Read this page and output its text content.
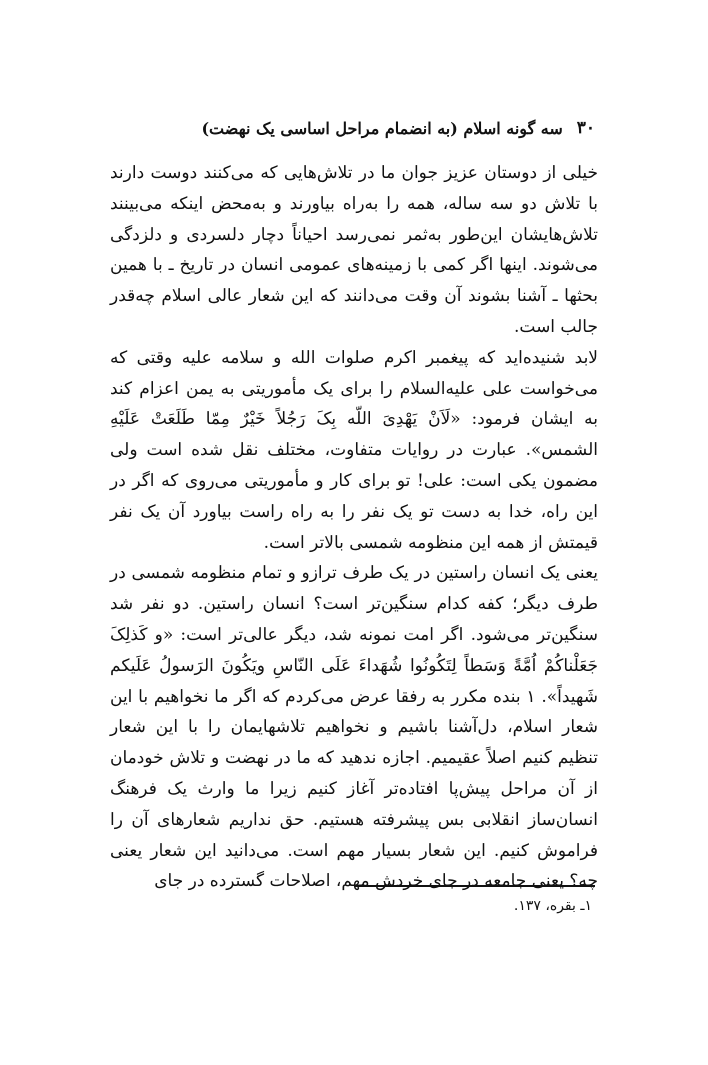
۳۰
سه گونه اسلام (به انضمام مراحل اساسی یک نهضت)

خیلی از دوستان عزیز جوان ما در تلاش‌هایی که می‌کنند دوست دارند با تلاش دو سه ساله، همه را به‌راه بیاورند و به‌محض اینکه می‌بینند تلاش‌هایشان این‌طور به‌ثمر نمی‌رسد احیاناً دچار دلسردی و دلزدگی می‌شوند. اینها اگر کمی با زمینه‌های عمومی انسان در تاریخ ـ با همین بحثها ـ آشنا بشوند آن وقت می‌دانند که این شعار عالی اسلام چه‌قدر جالب است.

لابد شنیده‌اید که پیغمبر اکرم صلوات الله و سلامه علیه وقتی که می‌خواست علی علیه‌السلام را برای یک مأموریتی به یمن اعزام کند به ایشان فرمود: «لَاَنْ یَهْدِیَ اللّه بِکَ رَجُلاً خَیْرٌ مِمّا طَلَعَتْ عَلَیْهِ الشمس». عبارت در روایات متفاوت، مختلف نقل شده است ولی مضمون یکی است: علی! تو برای کار و مأموریتی می‌روی که اگر در این راه، خدا به دست تو یک نفر را به راه راست بیاورد آن یک نفر قیمتش از همه این منظومه شمسی بالاتر است.

یعنی یک انسان راستین در یک طرف ترازو و تمام منظومه شمسی در طرف دیگر؛ کفه کدام سنگین‌تر است؟ انسان راستین. دو نفر شد سنگین‌تر می‌شود. اگر امت نمونه شد، دیگر عالی‌تر است: «و کَذلِکَ جَعَلْناکُمْ اُمَّةً وَسَطاً لِتَکُونُوا شُهَداءَ عَلَی النّاسِ ویَکُونَ الرَسولُ عَلَیکم شَهیداً». ۱ بنده مکرر به رفقا عرض می‌کردم که اگر ما نخواهیم با این شعار اسلام، دل‌آشنا باشیم و نخواهیم تلاشهایمان را با این شعار تنظیم کنیم اصلاً عقیمیم. اجازه ندهید که ما در نهضت و تلاش خودمان از آن مراحل پیش‌پا افتاده‌تر آغاز کنیم زیرا ما وارث یک فرهنگ انسان‌ساز انقلابی بس پیشرفته هستیم. حق نداریم شعارهای آن را فراموش کنیم. این شعار بسیار مهم است. می‌دانید این شعار یعنی چه؟ یعنی جامعه در جای خردش مهم، اصلاحات گسترده در جای

۱ـ بقره، ۱۳۷.
